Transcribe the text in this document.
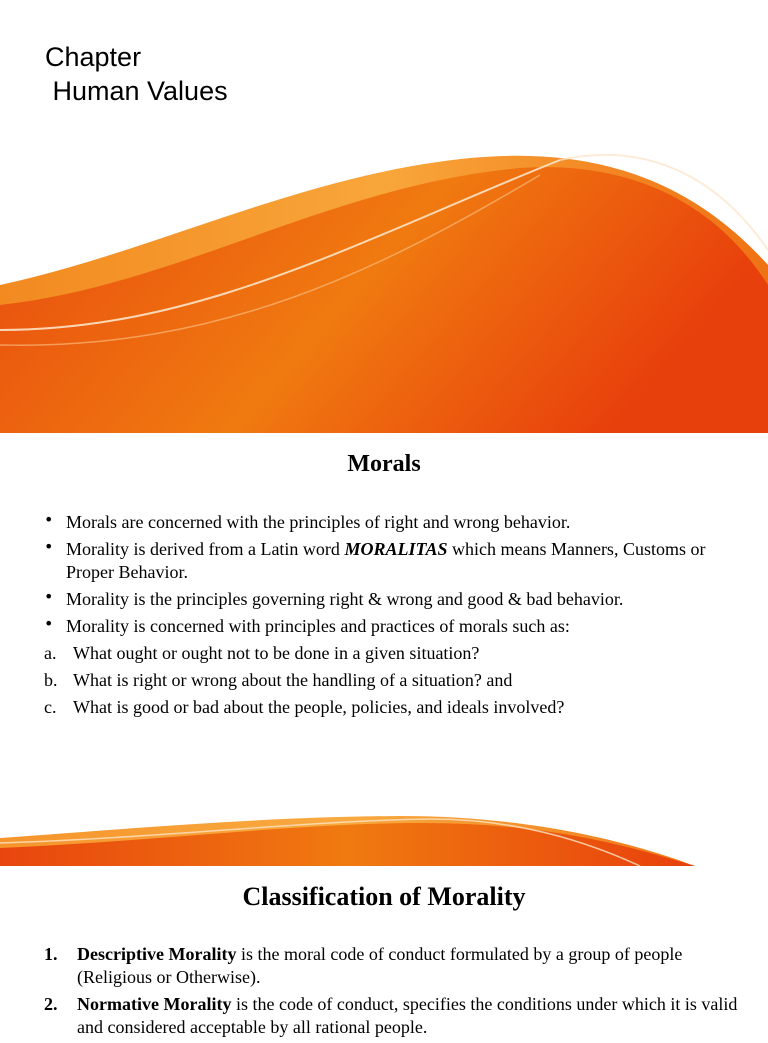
Chapter
Human Values
Morals
• Morals are concerned with the principles of right and wrong behavior.
• Morality is derived from a Latin word MORALITAS which means Manners, Customs or Proper Behavior.
• Morality is the principles governing right & wrong and good & bad behavior.
• Morality is concerned with principles and practices of morals such as:
a. What ought or ought not to be done in a given situation?
b. What is right or wrong about the handling of a situation? and
c. What is good or bad about the people, policies, and ideals involved?
Classification of Morality
1. Descriptive Morality is the moral code of conduct formulated by a group of people (Religious or Otherwise).
2. Normative Morality is the code of conduct, specifies the conditions under which it is valid and considered acceptable by all rational people.
